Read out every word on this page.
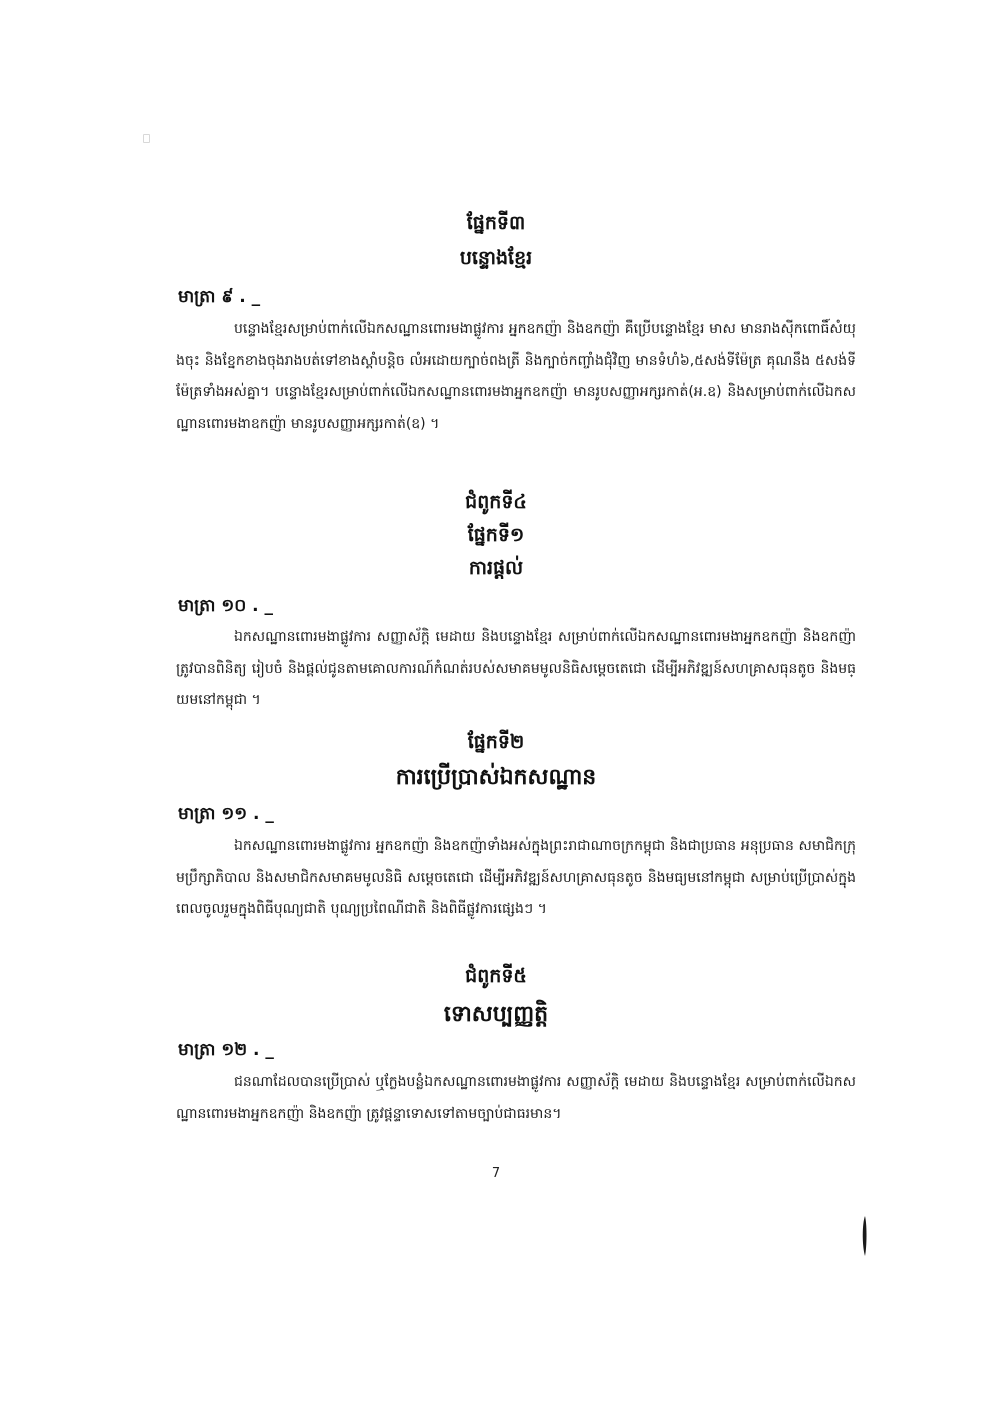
ផ្នែកទី៣
បន្ទោងខ្មែរ
មាត្រា ៩ . _

បន្ទោងខ្មែរសម្រាប់ពាក់លើឯកសណ្ឋានពោរមងាផ្លូវការ អ្នកឧកញ៉ា និងឧកញ៉ា គឺប្រើបន្ទោងខ្មែរ មាស មានរាងស៊ីកពោធិ៍សំយុងចុះ និងខ្នែកខាងចុងរាងបត់ទៅខាងស្ដាំបន្តិច លំអដោយក្បាច់ពងត្រី និងក្បាច់កញ្ចាំងជុំវិញ មានទំហំ៦,៥សង់ទីម៉ែត្រ គុណនឹង ៥សង់ទីម៉ែត្រទាំងអស់គ្នា។ បន្ទោងខ្មែរសម្រាប់ពាក់លើឯកសណ្ឋានពោរមងាអ្នកឧកញ៉ា មានរូបសញ្ញាអក្សរកាត់(អ.ឧ) និងសម្រាប់ពាក់លើឯកសណ្ឋានពោរមងាឧកញ៉ា មានរូបសញ្ញាអក្សរកាត់(ឧ) ។

ជំពូកទី៤
ផ្នែកទី១
ការផ្តល់
មាត្រា ១០ . _

ឯកសណ្ឋានពោរមងាផ្លូវការ សញ្ញាស័ក្តិ មេដាយ និងបន្ទោងខ្មែរ សម្រាប់ពាក់លើឯកសណ្ឋានពោរមងាអ្នកឧកញ៉ា និងឧកញ៉ា ត្រូវបានពិនិត្យ រៀបចំ និងផ្តល់ជូនតាមគោលការណ៍កំណត់របស់សមាគមមូលនិធិសម្តេចតេជោ ដើម្បីអភិវឌ្ឍន៍សហគ្រាសធុនតូច និងមធ្យមនៅកម្ពុជា ។

ផ្នែកទី២
ការប្រើប្រាស់ឯកសណ្ឋាន
មាត្រា ១១ . _

ឯកសណ្ឋានពោរមងាផ្លូវការ អ្នកឧកញ៉ា និងឧកញ៉ាទាំងអស់ក្នុងព្រះរាជាណាចក្រកម្ពុជា និងជាប្រធាន អនុប្រធាន សមាជិកក្រុមប្រឹក្សាភិបាល និងសមាជិកសមាគមមូលនិធិ សម្តេចតេជោ ដើម្បីអភិវឌ្ឍន៍សហគ្រាសធុនតូច និងមធ្យមនៅកម្ពុជា សម្រាប់ប្រើប្រាស់ក្នុងពេលចូលរួមក្នុងពិធីបុណ្យជាតិ បុណ្យប្រពៃណីជាតិ និងពិធីផ្លូវការផ្សេងៗ ។

ជំពូកទី៥
ទោសប្បញ្ញត្តិ
មាត្រា ១២ . _

ជនណាដែលបានប្រើប្រាស់ ឬក្លែងបន្លំឯកសណ្ឋានពោរមងាផ្លូវការ សញ្ញាស័ក្តិ មេដាយ និងបន្ទោងខ្មែរ សម្រាប់ពាក់លើឯកសណ្ឋានពោរមងាអ្នកឧកញ៉ា និងឧកញ៉ា ត្រូវផ្តន្ទាទោសទៅតាមច្បាប់ជាធរមាន។

7
